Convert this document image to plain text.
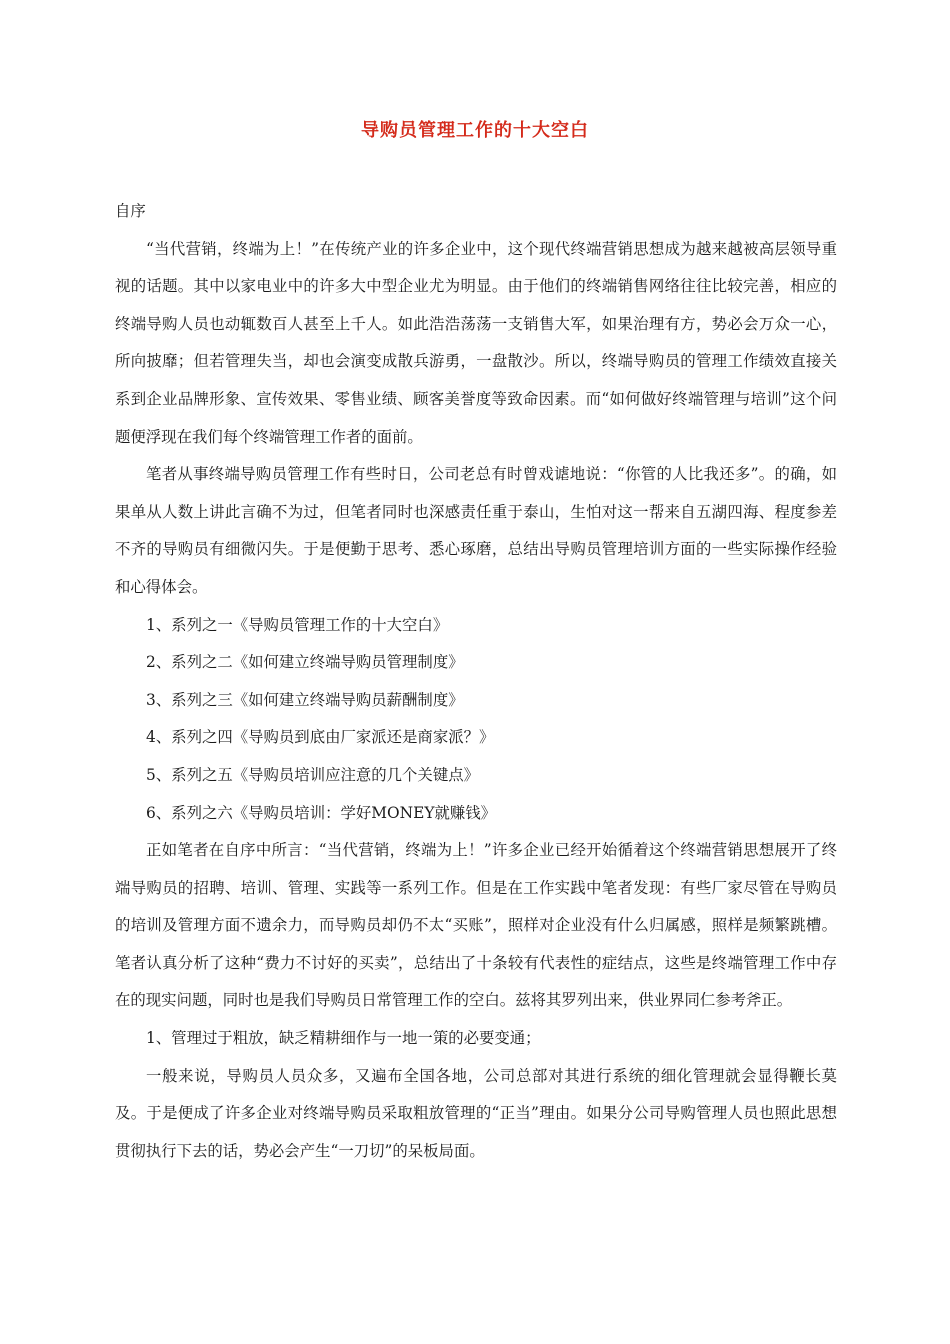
导购员管理工作的十大空白

自序

“当代营销，终端为上！”在传统产业的许多企业中，这个现代终端营销思想成为越来越被高层领导重视的话题。其中以家电业中的许多大中型企业尤为明显。由于他们的终端销售网络往往比较完善，相应的终端导购人员也动辄数百人甚至上千人。如此浩浩荡荡一支销售大军，如果治理有方，势必会万众一心，所向披靡；但若管理失当，却也会演变成散兵游勇，一盘散沙。所以，终端导购员的管理工作绩效直接关系到企业品牌形象、宣传效果、零售业绩、顾客美誉度等致命因素。而“如何做好终端管理与培训”这个问题便浮现在我们每个终端管理工作者的面前。

笔者从事终端导购员管理工作有些时日，公司老总有时曾戏谑地说：“你管的人比我还多”。的确，如果单从人数上讲此言确不为过，但笔者同时也深感责任重于泰山，生怕对这一帮来自五湖四海、程度参差不齐的导购员有细微闪失。于是便勤于思考、悉心琢磨，总结出导购员管理培训方面的一些实际操作经验和心得体会。

1、系列之一《导购员管理工作的十大空白》

2、系列之二《如何建立终端导购员管理制度》

3、系列之三《如何建立终端导购员薪酬制度》

4、系列之四《导购员到底由厂家派还是商家派？》

5、系列之五《导购员培训应注意的几个关键点》

6、系列之六《导购员培训：学好MONEY就赚钱》

正如笔者在自序中所言：“当代营销，终端为上！”许多企业已经开始循着这个终端营销思想展开了终端导购员的招聘、培训、管理、实践等一系列工作。但是在工作实践中笔者发现：有些厂家尽管在导购员的培训及管理方面不遗余力，而导购员却仍不太“买账”，照样对企业没有什么归属感，照样是频繁跳槽。笔者认真分析了这种“费力不讨好的买卖”，总结出了十条较有代表性的症结点，这些是终端管理工作中存在的现实问题，同时也是我们导购员日常管理工作的空白。兹将其罗列出来，供业界同仁参考斧正。

1、管理过于粗放，缺乏精耕细作与一地一策的必要变通；

一般来说，导购员人员众多，又遍布全国各地，公司总部对其进行系统的细化管理就会显得鞭长莫及。于是便成了许多企业对终端导购员采取粗放管理的“正当”理由。如果分公司导购管理人员也照此思想贯彻执行下去的话，势必会产生“一刀切”的呆板局面。
